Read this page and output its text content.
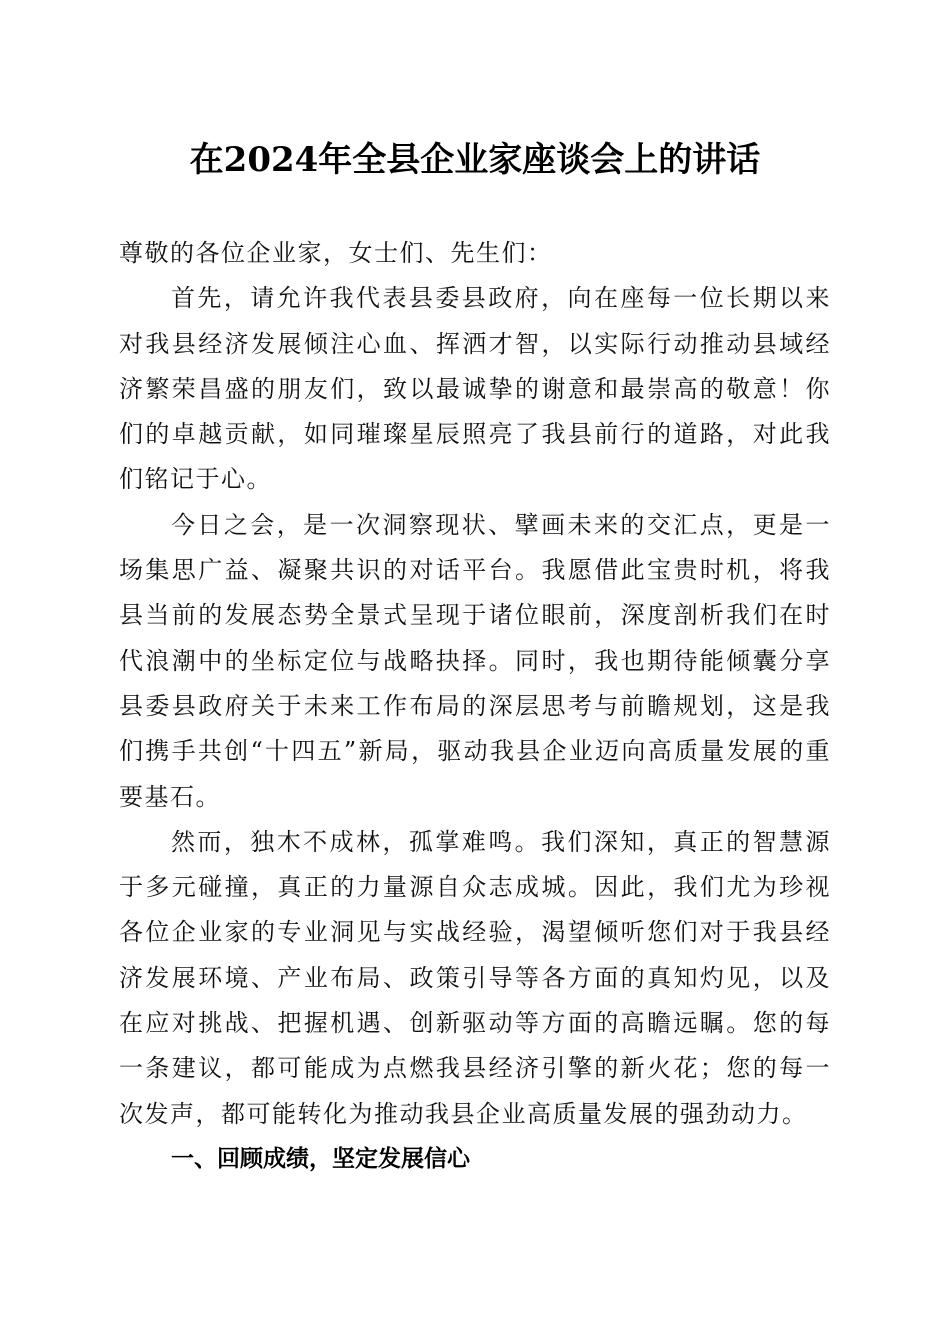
在2024年全县企业家座谈会上的讲话

尊敬的各位企业家，女士们、先生们：

首先，请允许我代表县委县政府，向在座每一位长期以来对我县经济发展倾注心血、挥洒才智，以实际行动推动县域经济繁荣昌盛的朋友们，致以最诚挚的谢意和最崇高的敬意！你们的卓越贡献，如同璀璨星辰照亮了我县前行的道路，对此我们铭记于心。

今日之会，是一次洞察现状、擘画未来的交汇点，更是一场集思广益、凝聚共识的对话平台。我愿借此宝贵时机，将我县当前的发展态势全景式呈现于诸位眼前，深度剖析我们在时代浪潮中的坐标定位与战略抉择。同时，我也期待能倾囊分享县委县政府关于未来工作布局的深层思考与前瞻规划，这是我们携手共创“十四五”新局，驱动我县企业迈向高质量发展的重要基石。

然而，独木不成林，孤掌难鸣。我们深知，真正的智慧源于多元碰撞，真正的力量源自众志成城。因此，我们尤为珍视各位企业家的专业洞见与实战经验，渴望倾听您们对于我县经济发展环境、产业布局、政策引导等各方面的真知灼见，以及在应对挑战、把握机遇、创新驱动等方面的高瞻远瞩。您的每一条建议，都可能成为点燃我县经济引擎的新火花；您的每一次发声，都可能转化为推动我县企业高质量发展的强劲动力。

一、回顾成绩，坚定发展信心
